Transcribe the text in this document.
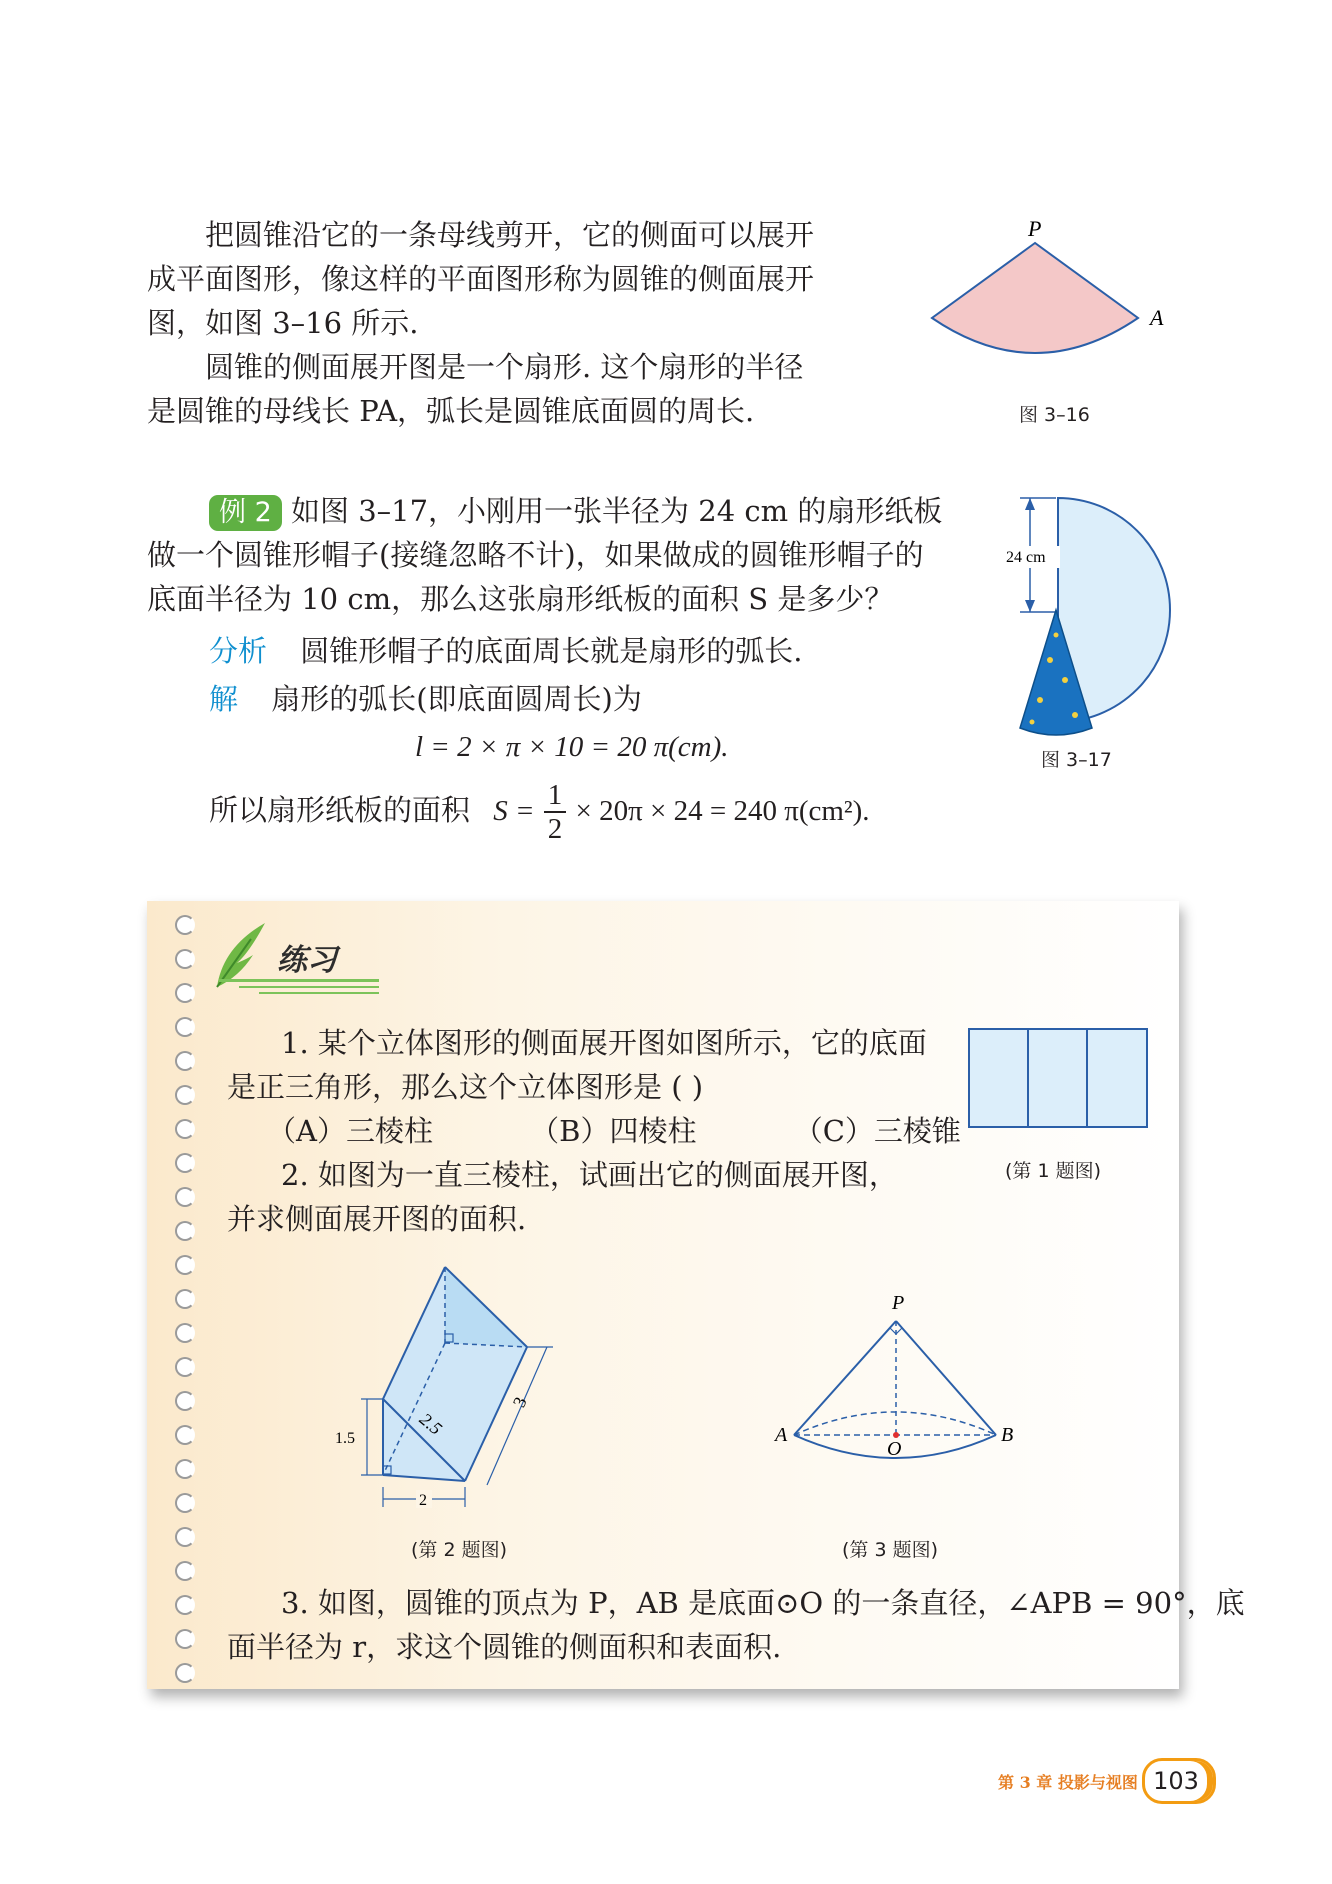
把圆锥沿它的一条母线剪开，它的侧面可以展开
成平面图形，像这样的平面图形称为圆锥的侧面展开
图，如图 3–16 所示.
圆锥的侧面展开图是一个扇形. 这个扇形的半径
是圆锥的母线长 PA，弧长是圆锥底面圆的周长.
P
A
图 3–16
例 2 如图 3–17，小刚用一张半径为 24 cm 的扇形纸板
做一个圆锥形帽子(接缝忽略不计)，如果做成的圆锥形帽子的
底面半径为 10 cm，那么这张扇形纸板的面积 S 是多少？
分析 圆锥形帽子的底面周长就是扇形的弧长.
解 扇形的弧长(即底面圆周长)为
l = 2 × π × 10 = 20 π(cm).
所以扇形纸板的面积 $S = \frac{1}{2} \times 20\pi \times 24 = 240$ π(cm²).
24 cm
图 3–17
练习
1. 某个立体图形的侧面展开图如图所示，它的底面
是正三角形，那么这个立体图形是 ( )
（A）三棱柱	（B）四棱柱	（C）三棱锥
(第 1 题图)
2. 如图为一直三棱柱，试画出它的侧面展开图，
并求侧面展开图的面积.
1.5	2.5
3
2
(第 2 题图)
P
A	B
O
(第 3 题图)
3. 如图，圆锥的顶点为 P，AB 是底面⊙O 的一条直径，∠APB = 90°，底
面半径为 r，求这个圆锥的侧面积和表面积.
第 3 章 投影与视图 103
